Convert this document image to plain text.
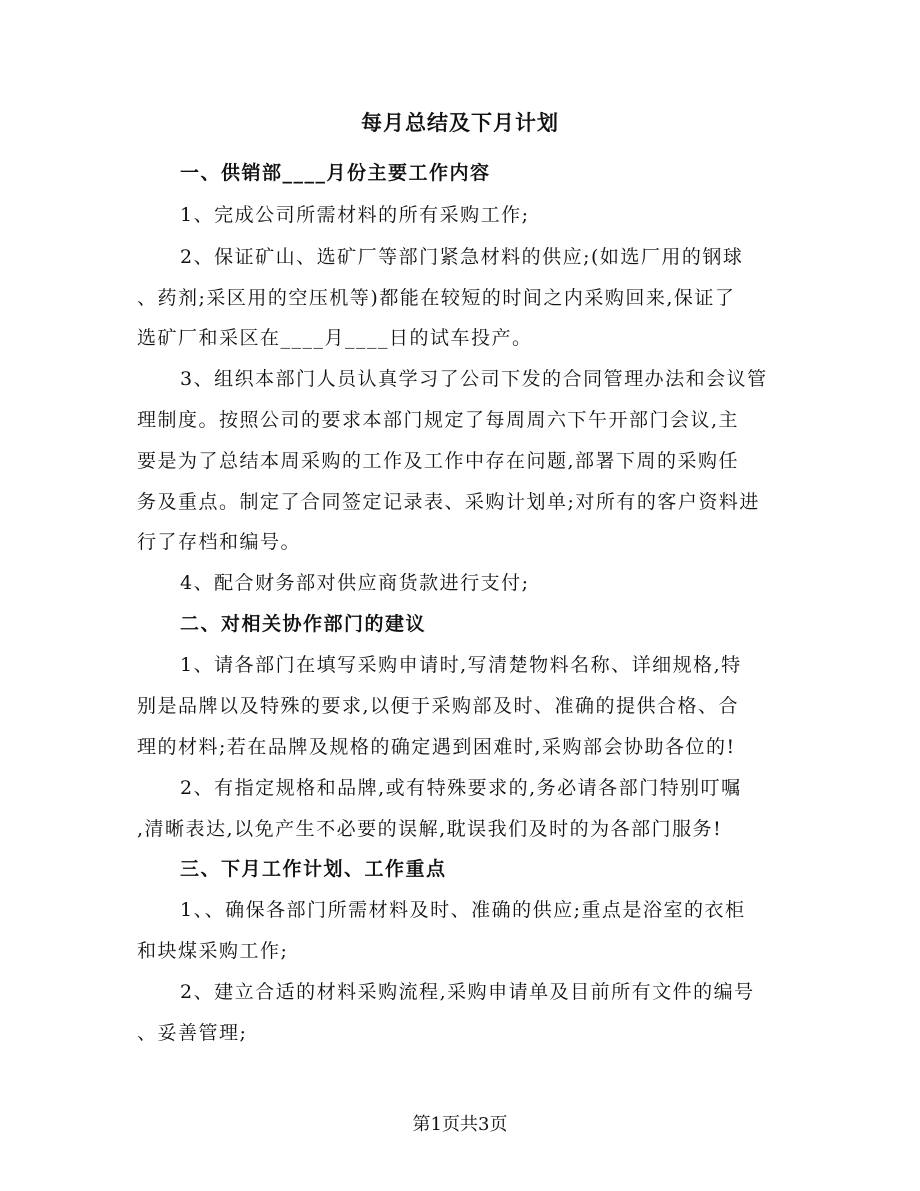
每月总结及下月计划
一、供销部____月份主要工作内容
1、完成公司所需材料的所有采购工作;
2、保证矿山、选矿厂等部门紧急材料的供应;(如选厂用的钢球
、药剂;采区用的空压机等)都能在较短的时间之内采购回来,保证了
选矿厂和采区在____月____日的试车投产。
3、组织本部门人员认真学习了公司下发的合同管理办法和会议管
理制度。按照公司的要求本部门规定了每周周六下午开部门会议,主
要是为了总结本周采购的工作及工作中存在问题,部署下周的采购任
务及重点。制定了合同签定记录表、采购计划单;对所有的客户资料进
行了存档和编号。
4、配合财务部对供应商货款进行支付;
二、对相关协作部门的建议
1、请各部门在填写采购申请时,写清楚物料名称、详细规格,特
别是品牌以及特殊的要求,以便于采购部及时、准确的提供合格、合
理的材料;若在品牌及规格的确定遇到困难时,采购部会协助各位的!
2、有指定规格和品牌,或有特殊要求的,务必请各部门特别叮嘱
,清晰表达,以免产生不必要的误解,耽误我们及时的为各部门服务!
三、下月工作计划、工作重点
1、、确保各部门所需材料及时、准确的供应;重点是浴室的衣柜
和块煤采购工作;
2、建立合适的材料采购流程,采购申请单及目前所有文件的编号
、妥善管理;
第1页共3页
